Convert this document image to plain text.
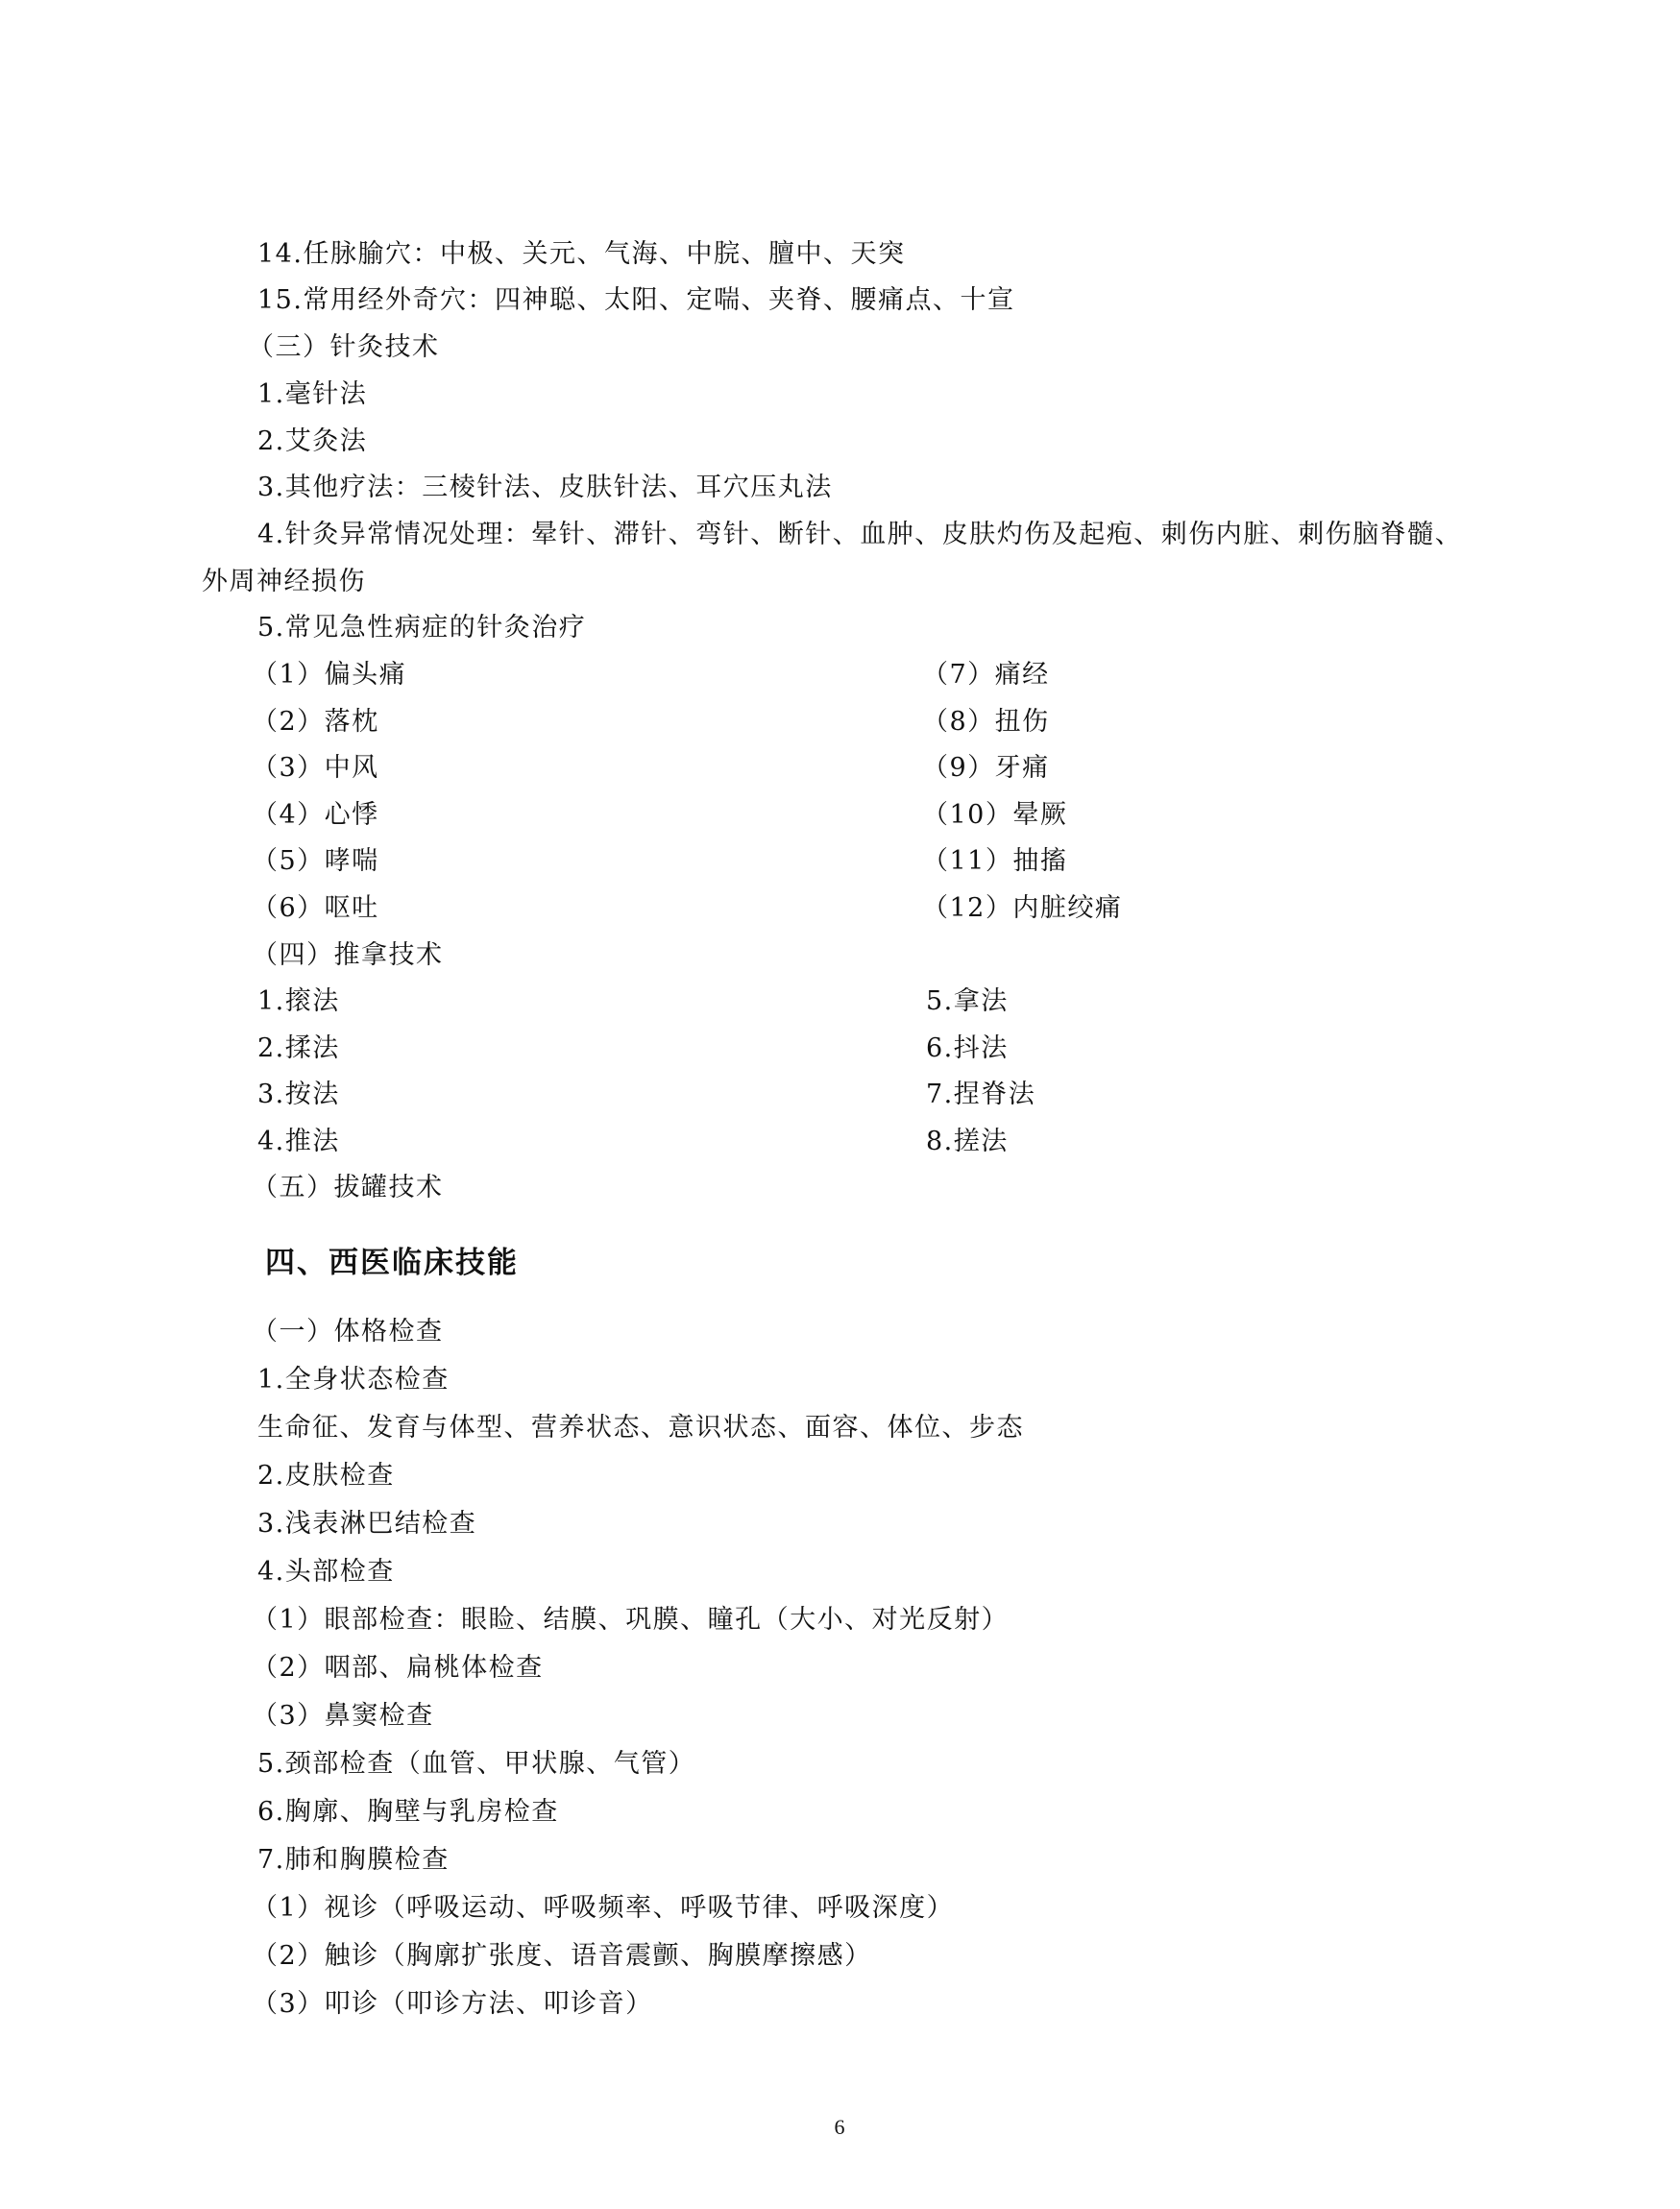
14.任脉腧穴：中极、关元、气海、中脘、膻中、天突
15.常用经外奇穴：四神聪、太阳、定喘、夹脊、腰痛点、十宣
（三）针灸技术
1.毫针法
2.艾灸法
3.其他疗法：三棱针法、皮肤针法、耳穴压丸法
4.针灸异常情况处理：晕针、滞针、弯针、断针、血肿、皮肤灼伤及起疱、刺伤内脏、刺伤脑脊髓、
外周神经损伤
5.常见急性病症的针灸治疗
（1）偏头痛
（2）落枕
（3）中风
（4）心悸
（5）哮喘
（6）呕吐
（7）痛经
（8）扭伤
（9）牙痛
（10）晕厥
（11）抽搐
（12）内脏绞痛
（四）推拿技术
1.㨰法
2.揉法
3.按法
4.推法
5.拿法
6.抖法
7.捏脊法
8.搓法
（五）拔罐技术
四、西医临床技能
（一）体格检查
1.全身状态检查
生命征、发育与体型、营养状态、意识状态、面容、体位、步态
2.皮肤检查
3.浅表淋巴结检查
4.头部检查
（1）眼部检查：眼睑、结膜、巩膜、瞳孔（大小、对光反射）
（2）咽部、扁桃体检查
（3）鼻窦检查
5.颈部检查（血管、甲状腺、气管）
6.胸廓、胸壁与乳房检查
7.肺和胸膜检查
（1）视诊（呼吸运动、呼吸频率、呼吸节律、呼吸深度）
（2）触诊（胸廓扩张度、语音震颤、胸膜摩擦感）
（3）叩诊（叩诊方法、叩诊音）
6
